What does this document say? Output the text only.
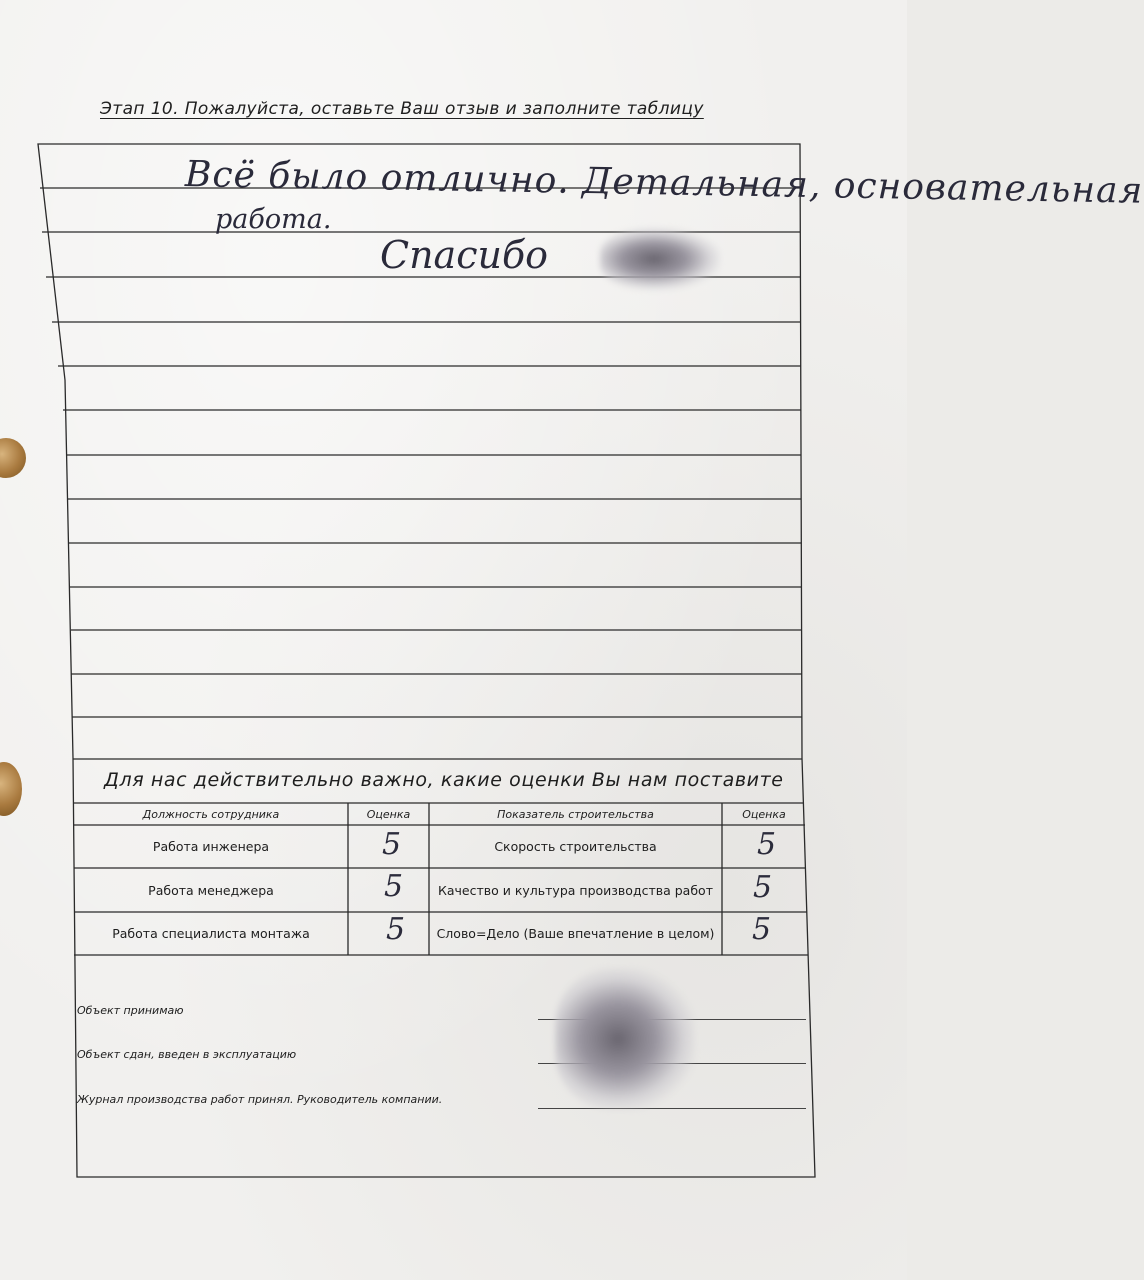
Этап 10. Пожалуйста, оставьте Ваш отзыв и заполните таблицу
Всё было отлично. Детальная, основательная
работа.
Спасибо
Для нас действительно важно, какие оценки Вы нам поставите
Должность сотрудника	Оценка	Показатель строительства	Оценка
Работа инженера	5	Скорость строительства	5
Работа менеджера	5	Качество и культура производства работ	5
Работа специалиста монтажа	5	Слово=Дело (Ваше впечатление в целом) 5
Объект принимаю
Объект сдан, введен в эксплуатацию
Журнал производства работ принял. Руководитель компании.
